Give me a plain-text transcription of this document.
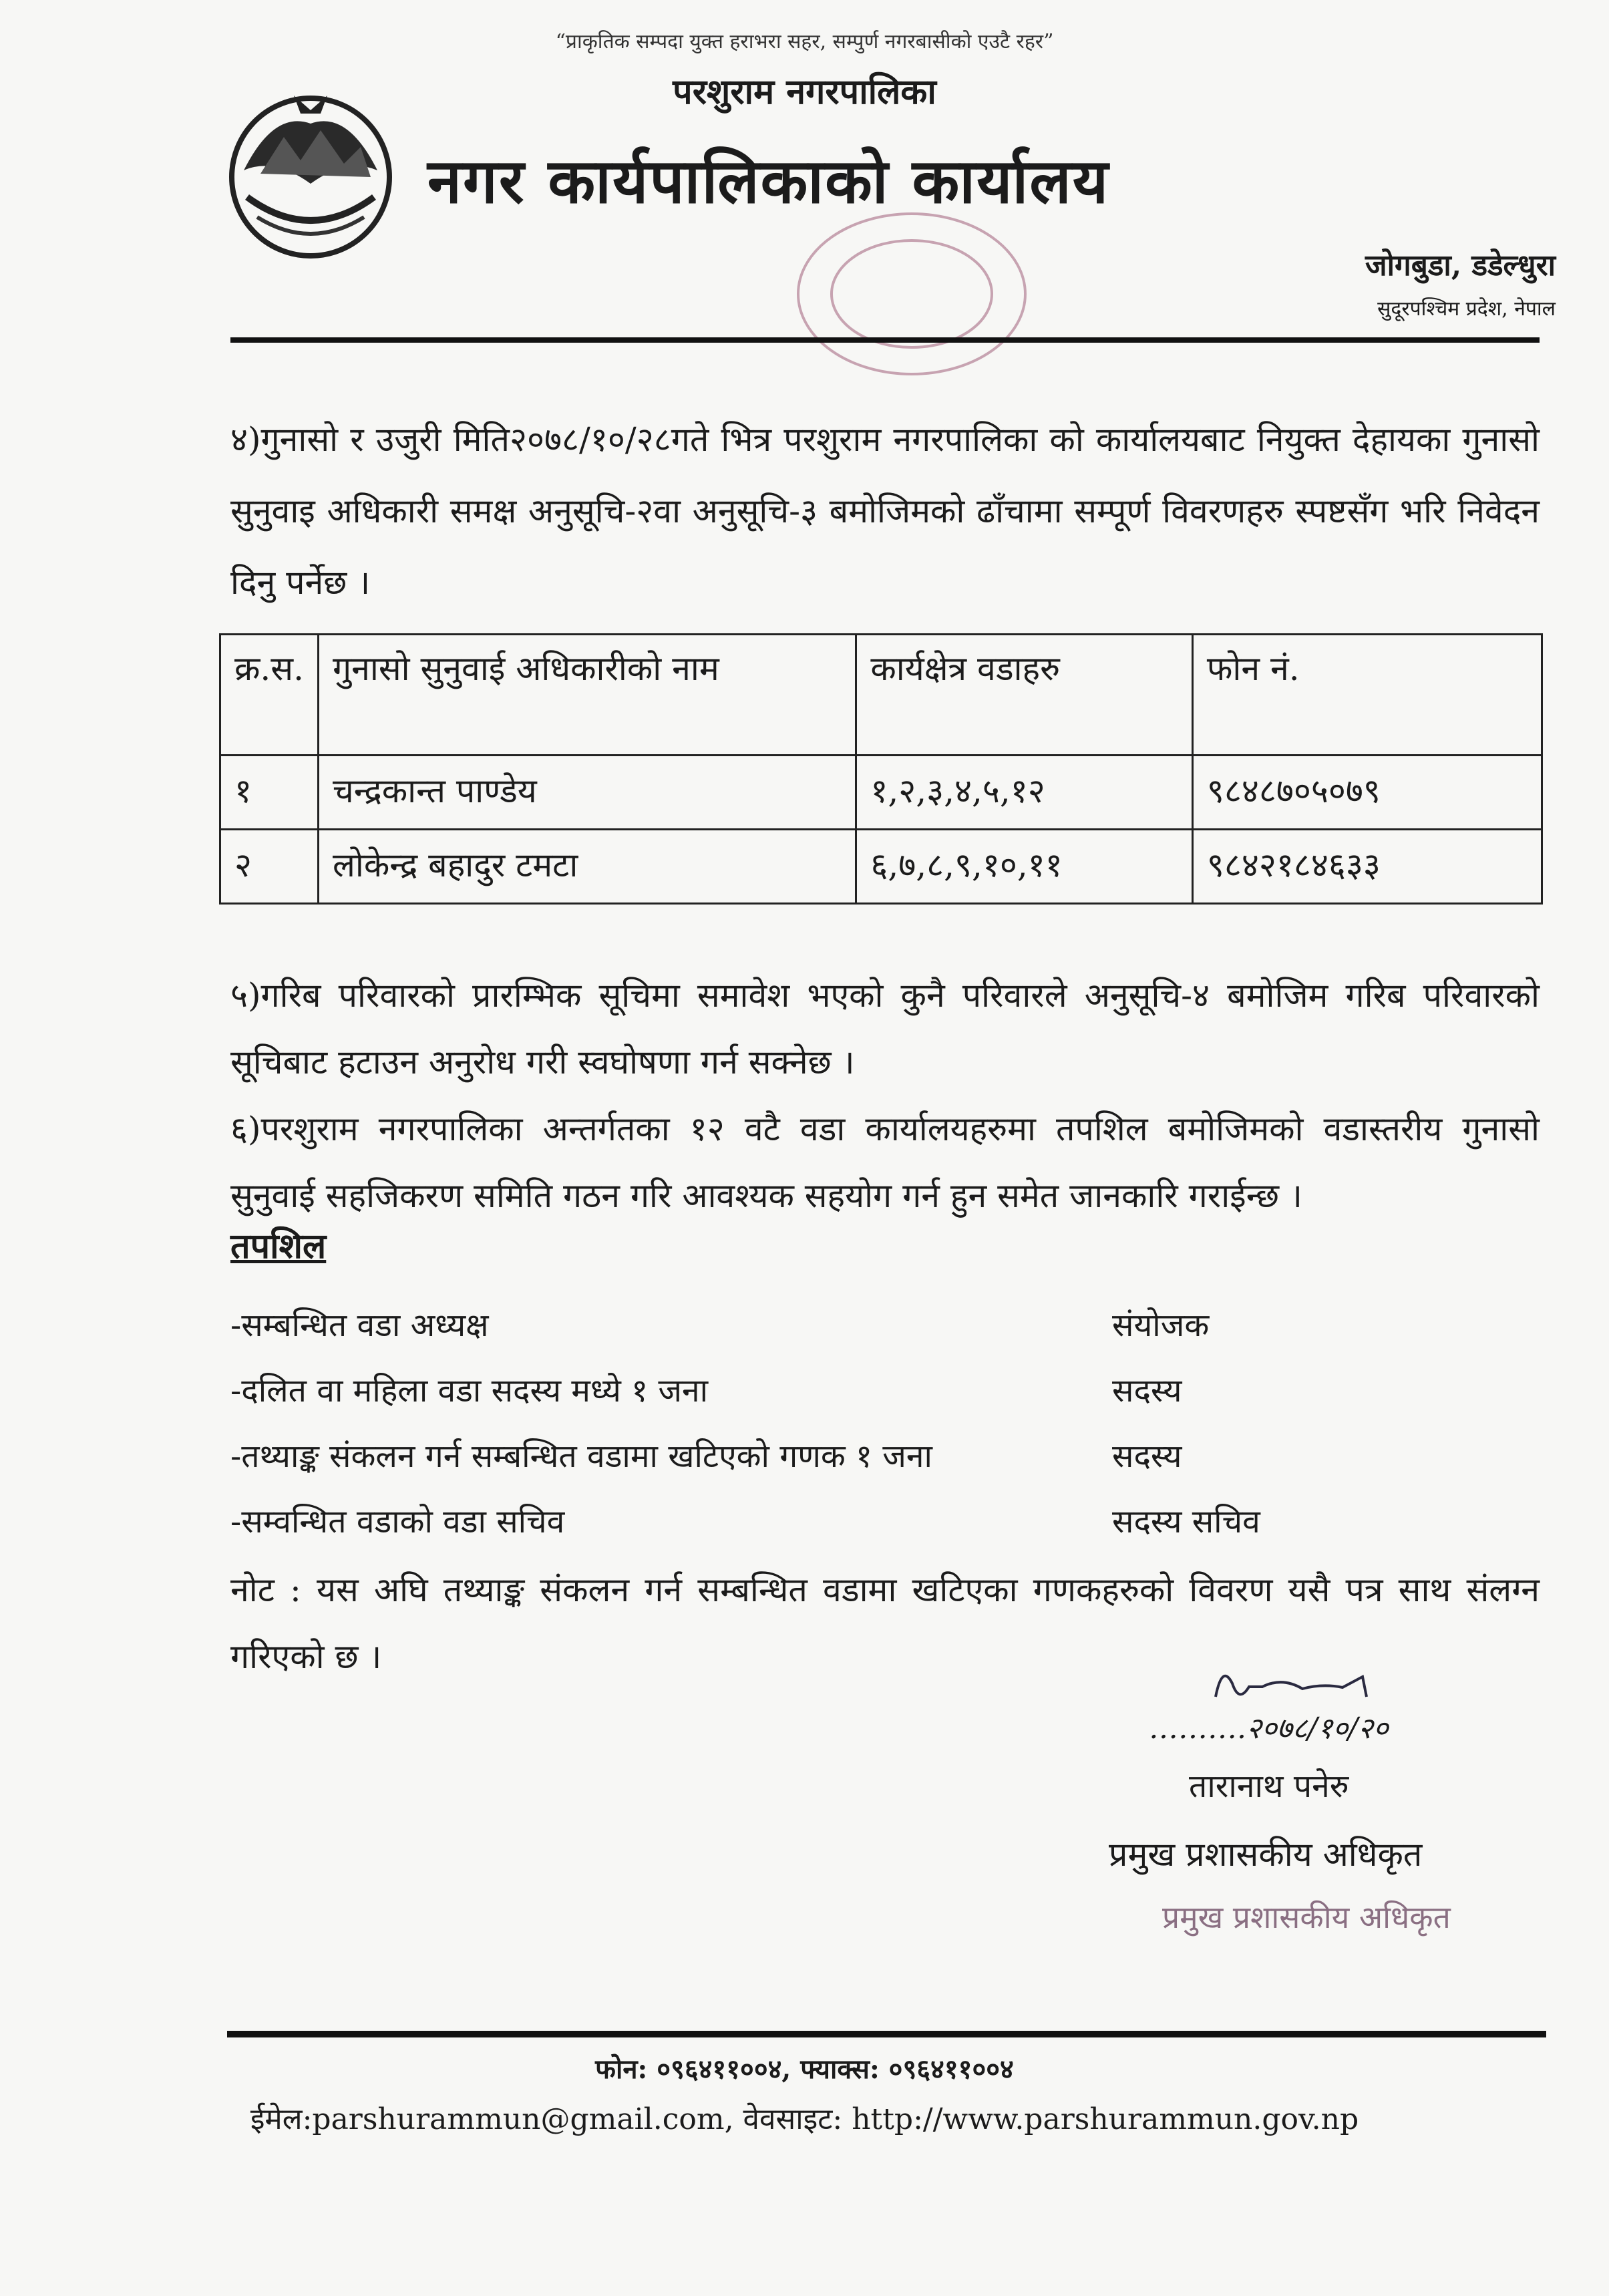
“प्राकृतिक सम्पदा युक्त हराभरा सहर, सम्पुर्ण नगरबासीको एउटै रहर”
परशुराम नगरपालिका
नगर कार्यपालिकाको कार्यालय
जोगबुडा, डडेल्धुरा
सुदूरपश्चिम प्रदेश, नेपाल

४)गुनासो र उजुरी मिति२०७८/१०/२८गते भित्र परशुराम नगरपालिका को कार्यालयबाट नियुक्त देहायका गुनासो सुनुवाइ अधिकारी समक्ष अनुसूचि-२वा अनुसूचि-३ बमोजिमको ढाँचामा सम्पूर्ण विवरणहरु स्पष्टसँग भरि निवेदन दिनु पर्नेछ ।

क्र.स.	गुनासो सुनुवाई अधिकारीको नाम	कार्यक्षेत्र वडाहरु	फोन नं.
१	चन्द्रकान्त पाण्डेय	१,२,३,४,५,१२	९८४८७०५०७९
२	लोकेन्द्र बहादुर टमटा	६,७,८,९,१०,११	९८४२१८४६३३

५)गरिब परिवारको प्रारम्भिक सूचिमा समावेश भएको कुनै परिवारले अनुसूचि-४ बमोजिम गरिब परिवारको सूचिबाट हटाउन अनुरोध गरी स्वघोषणा गर्न सक्नेछ ।

६)परशुराम नगरपालिका अन्तर्गतका १२ वटै वडा कार्यालयहरुमा तपशिल बमोजिमको वडास्तरीय गुनासो सुनुवाई सहजिकरण समिति गठन गरि आवश्यक सहयोग गर्न हुन समेत जानकारि गराईन्छ ।

तपशिल
-सम्बन्धित वडा अध्यक्ष	संयोजक
-दलित वा महिला वडा सदस्य मध्ये १ जना	सदस्य
-तथ्याङ्क संकलन गर्न सम्बन्धित वडामा खटिएको गणक १ जना	सदस्य
-सम्वन्धित वडाको वडा सचिव	सदस्य सचिव

नोट : यस अघि तथ्याङ्क संकलन गर्न सम्बन्धित वडामा खटिएका गणकहरुको विवरण यसै पत्र साथ संलग्न गरिएको छ ।

……….२०७८/१०/२०
तारानाथ पनेरु
प्रमुख प्रशासकीय अधिकृत
प्रमुख प्रशासकीय अधिकृत
फोन: ०९६४११००४, फ्याक्स: ०९६४११००४
ईमेल:parshurammun@gmail.com, वेवसाइट: http://www.parshurammun.gov.np
